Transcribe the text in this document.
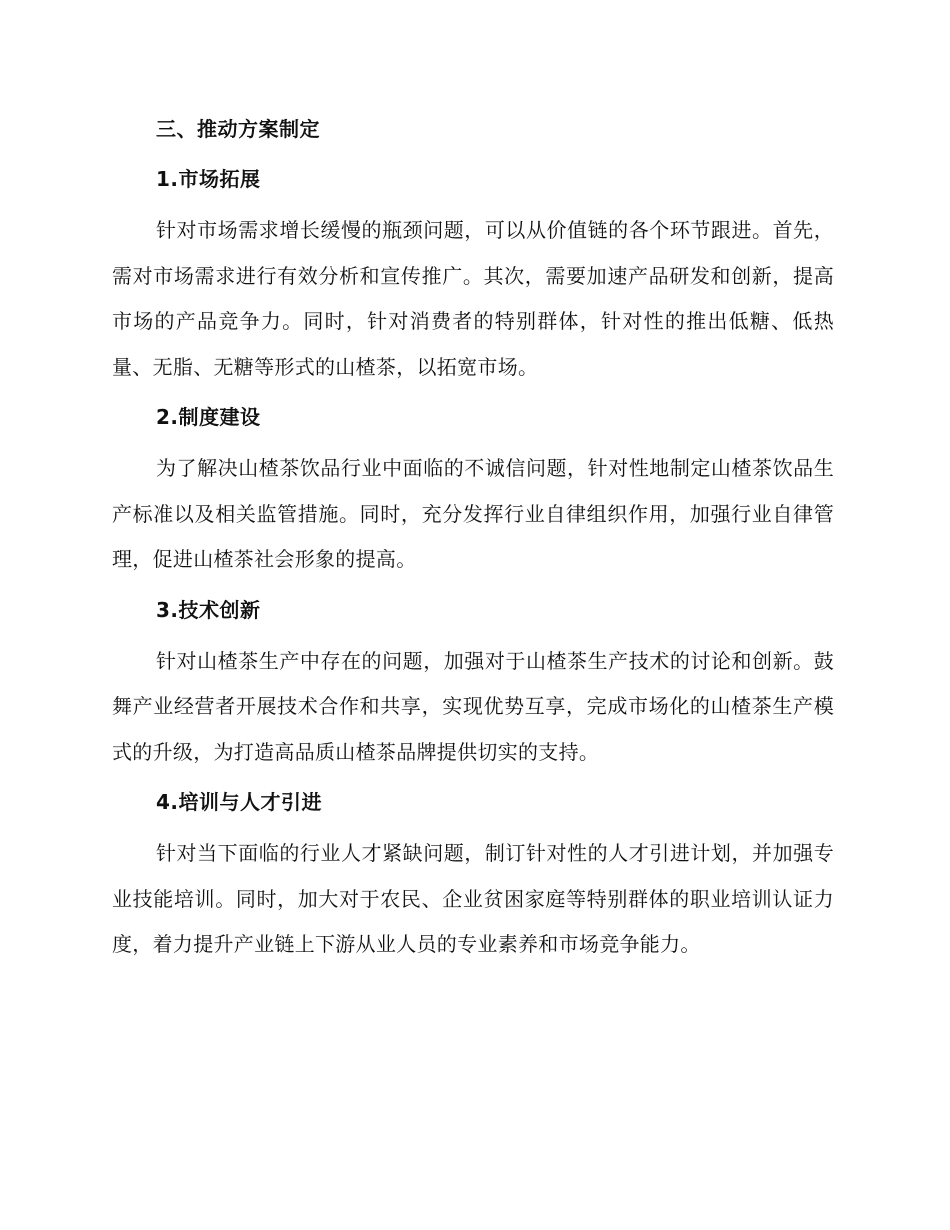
三、推动方案制定
1.市场拓展

针对市场需求增长缓慢的瓶颈问题，可以从价值链的各个环节跟进。首先，需对市场需求进行有效分析和宣传推广。其次，需要加速产品研发和创新，提高市场的产品竞争力。同时，针对消费者的特别群体，针对性的推出低糖、低热量、无脂、无糖等形式的山楂茶，以拓宽市场。

2.制度建设

为了解决山楂茶饮品行业中面临的不诚信问题，针对性地制定山楂茶饮品生产标准以及相关监管措施。同时，充分发挥行业自律组织作用，加强行业自律管理，促进山楂茶社会形象的提高。

3.技术创新

针对山楂茶生产中存在的问题，加强对于山楂茶生产技术的讨论和创新。鼓舞产业经营者开展技术合作和共享，实现优势互享，完成市场化的山楂茶生产模式的升级，为打造高品质山楂茶品牌提供切实的支持。

4.培训与人才引进

针对当下面临的行业人才紧缺问题，制订针对性的人才引进计划，并加强专业技能培训。同时，加大对于农民、企业贫困家庭等特别群体的职业培训认证力度，着力提升产业链上下游从业人员的专业素养和市场竞争能力。
